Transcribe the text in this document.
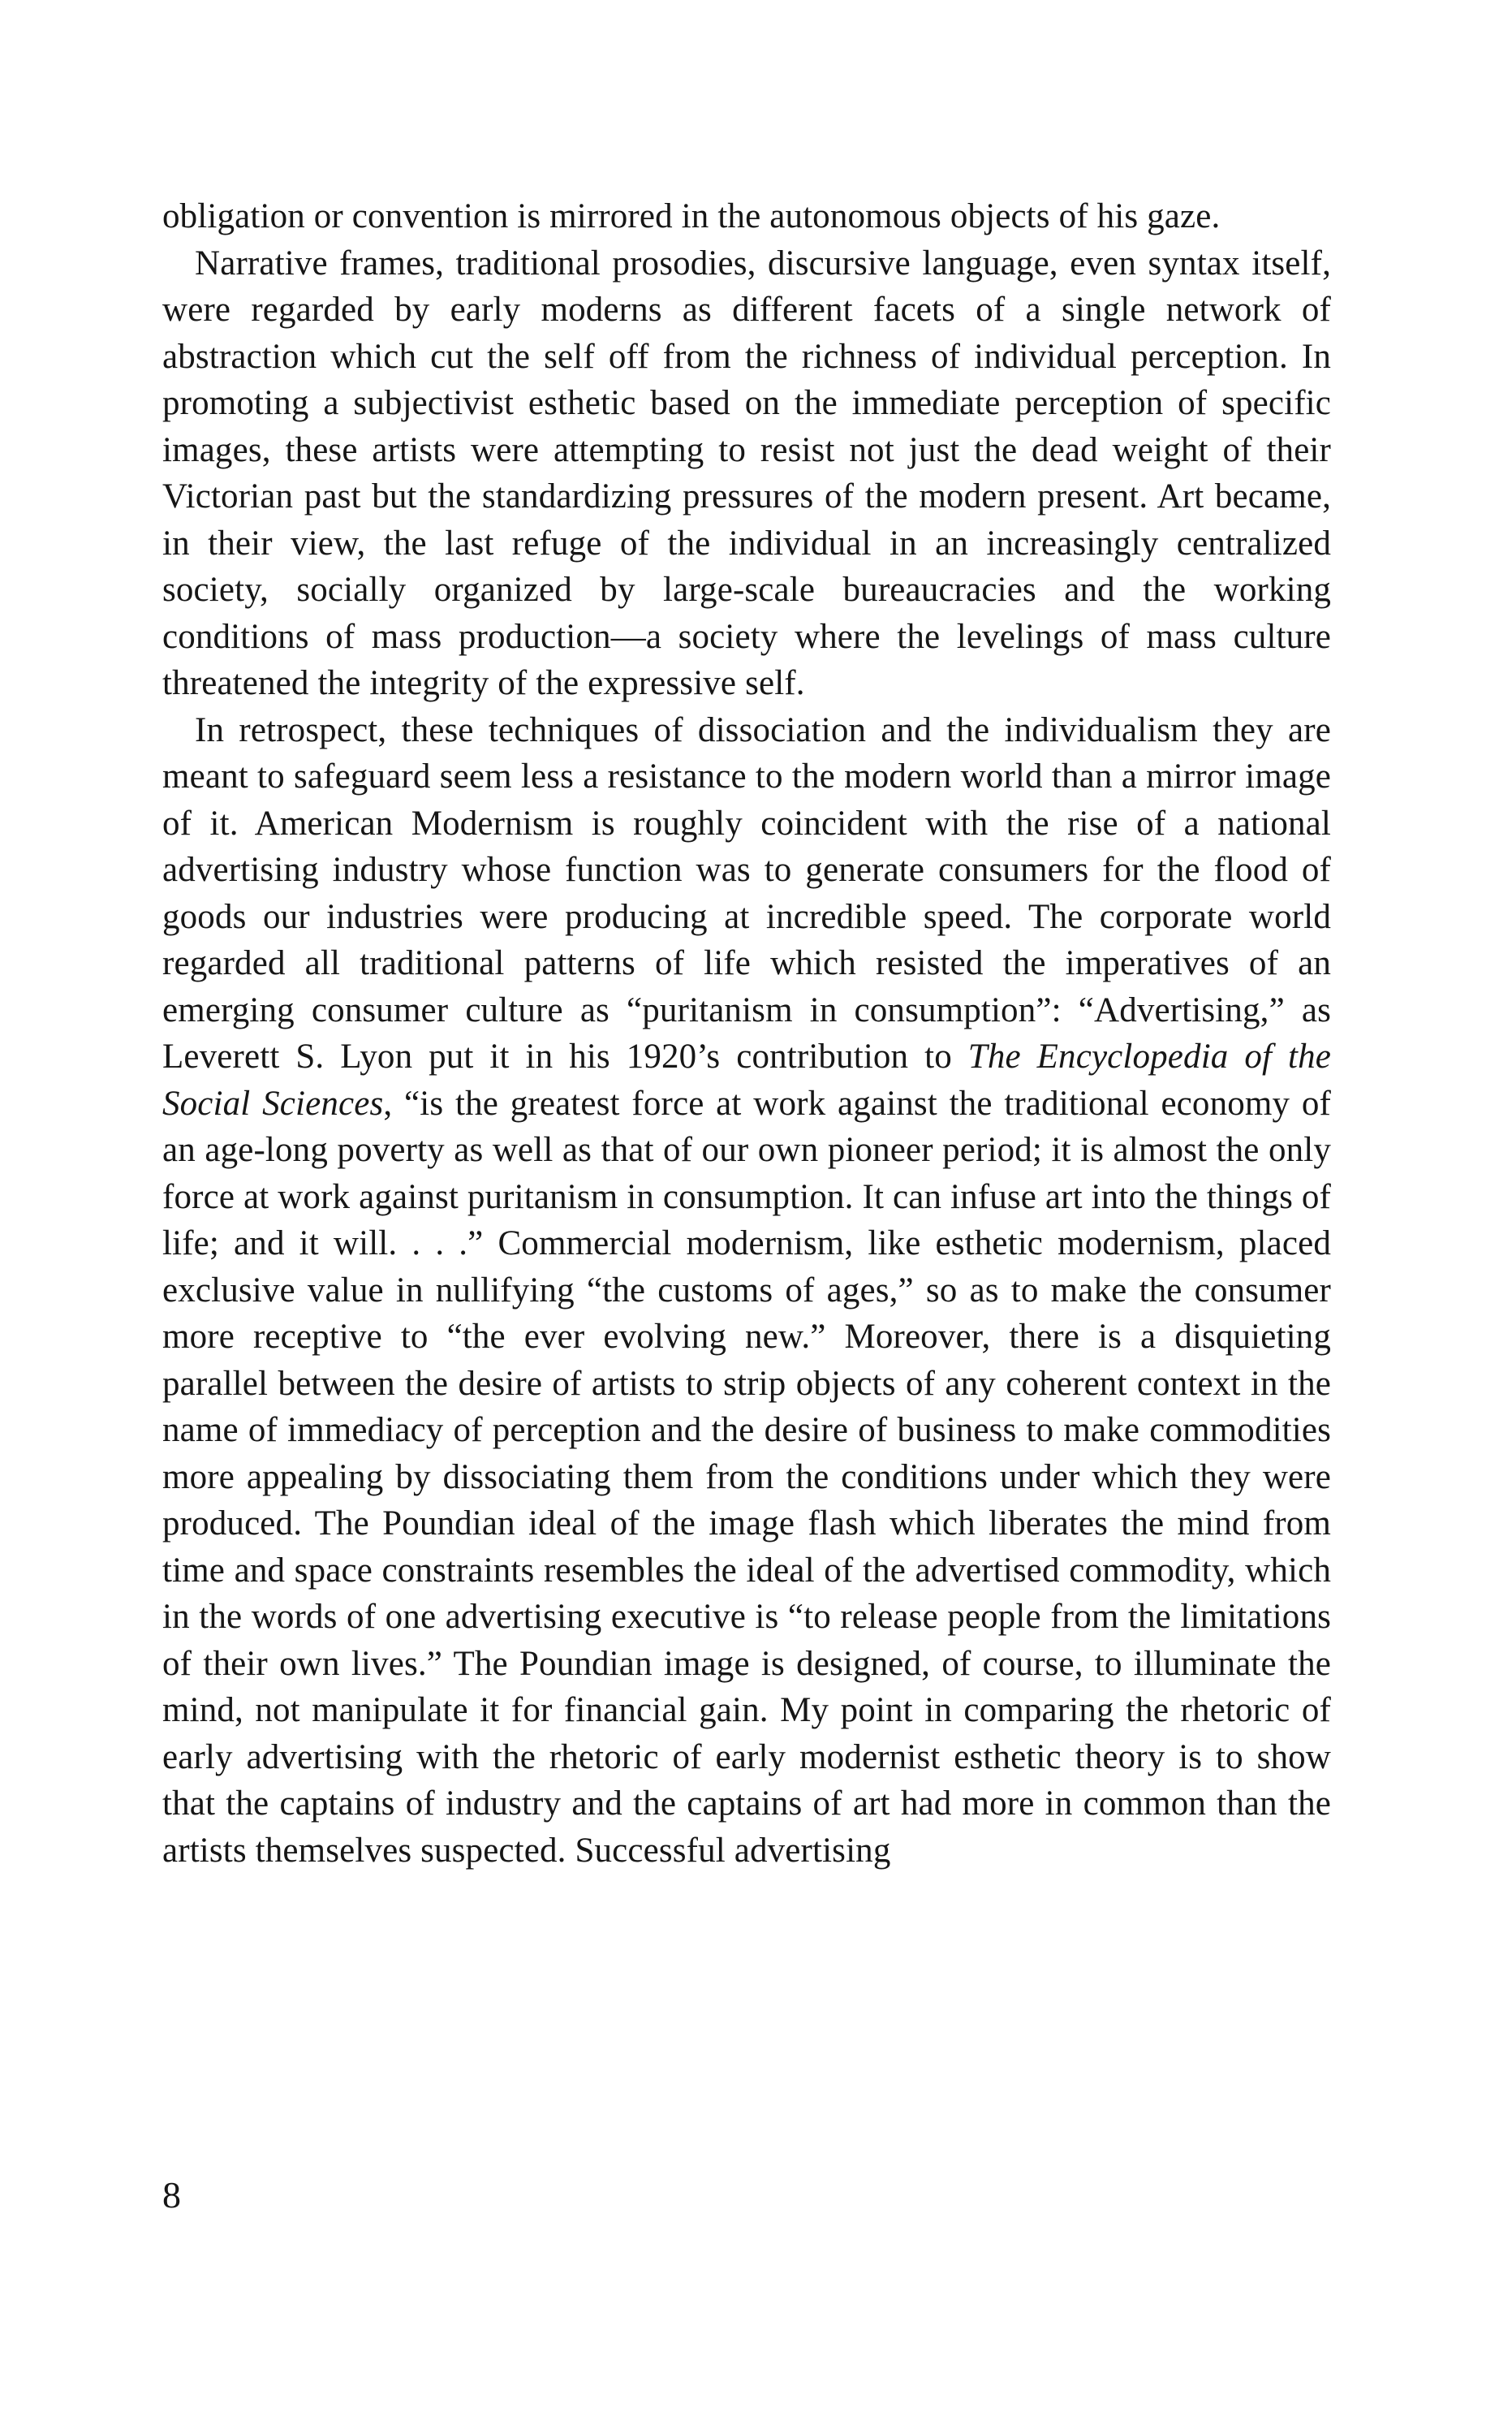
obligation or convention is mirrored in the autonomous objects of his gaze.

Narrative frames, traditional prosodies, discursive language, even syntax itself, were regarded by early moderns as different facets of a single network of abstraction which cut the self off from the richness of individual perception. In promoting a subjectivist esthetic based on the immediate perception of specific images, these artists were attempting to resist not just the dead weight of their Victorian past but the standardizing pressures of the modern present. Art became, in their view, the last refuge of the individual in an increasingly centralized society, socially organized by large-scale bureaucracies and the working conditions of mass production—a society where the levelings of mass culture threatened the integrity of the expressive self.

In retrospect, these techniques of dissociation and the individualism they are meant to safeguard seem less a resistance to the modern world than a mirror image of it. American Modernism is roughly coincident with the rise of a national advertising industry whose function was to generate consumers for the flood of goods our industries were producing at incredible speed. The corporate world regarded all traditional patterns of life which resisted the imperatives of an emerging consumer culture as “puritanism in consumption”: “Advertising,” as Leverett S. Lyon put it in his 1920’s contribution to The Encyclopedia of the Social Sciences, “is the greatest force at work against the traditional economy of an age-long poverty as well as that of our own pioneer period; it is almost the only force at work against puritanism in consumption. It can infuse art into the things of life; and it will. . . .” Commercial modernism, like esthetic modernism, placed exclusive value in nullifying “the customs of ages,” so as to make the consumer more receptive to “the ever evolving new.” Moreover, there is a disquieting parallel between the desire of artists to strip objects of any coherent context in the name of immediacy of perception and the desire of business to make commodities more appealing by dissociating them from the conditions under which they were produced. The Poundian ideal of the image flash which liberates the mind from time and space constraints resembles the ideal of the advertised commodity, which in the words of one advertising executive is “to release people from the limitations of their own lives.” The Poundian image is designed, of course, to illuminate the mind, not manipulate it for financial gain. My point in comparing the rhetoric of early advertising with the rhetoric of early modernist esthetic theory is to show that the captains of industry and the captains of art had more in common than the artists themselves suspected. Successful advertising

8
